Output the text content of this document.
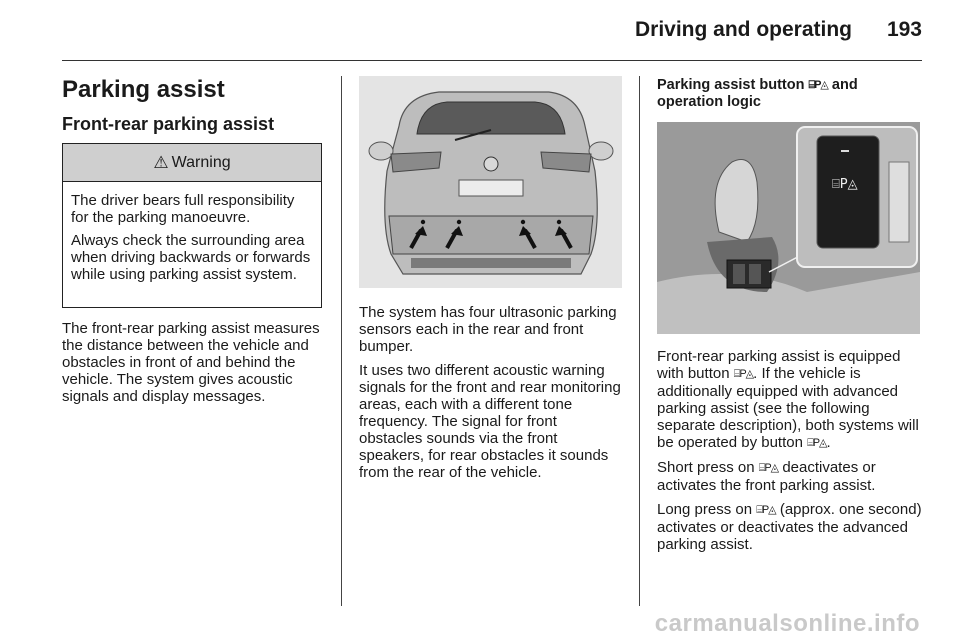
Driving and operating 193
Parking assist
Front-rear parking assist
⚠ Warning

The driver bears full responsibility for the parking manoeuvre.

Always check the surrounding area when driving backwards or forwards while using parking assist system.

The front-rear parking assist measures the distance between the vehicle and obstacles in front of and behind the vehicle. The system gives acoustic signals and display messages.

The system has four ultrasonic parking sensors each in the rear and front bumper.

It uses two different acoustic warning signals for the front and rear monitoring areas, each with a different tone frequency. The signal for front obstacles sounds via the front speakers, for rear obstacles it sounds from the rear of the vehicle.

Parking assist button ⌸P◬ and
operation logic

⌸P◬

Front-rear parking assist is equipped with button ⌸P◬. If the vehicle is additionally equipped with advanced parking assist (see the following separate description), both systems will be operated by button ⌸P◬.

Short press on ⌸P◬ deactivates or activates the front parking assist.

Long press on ⌸P◬ (approx. one second) activates or deactivates the advanced parking assist.

carmanualsonline.info
